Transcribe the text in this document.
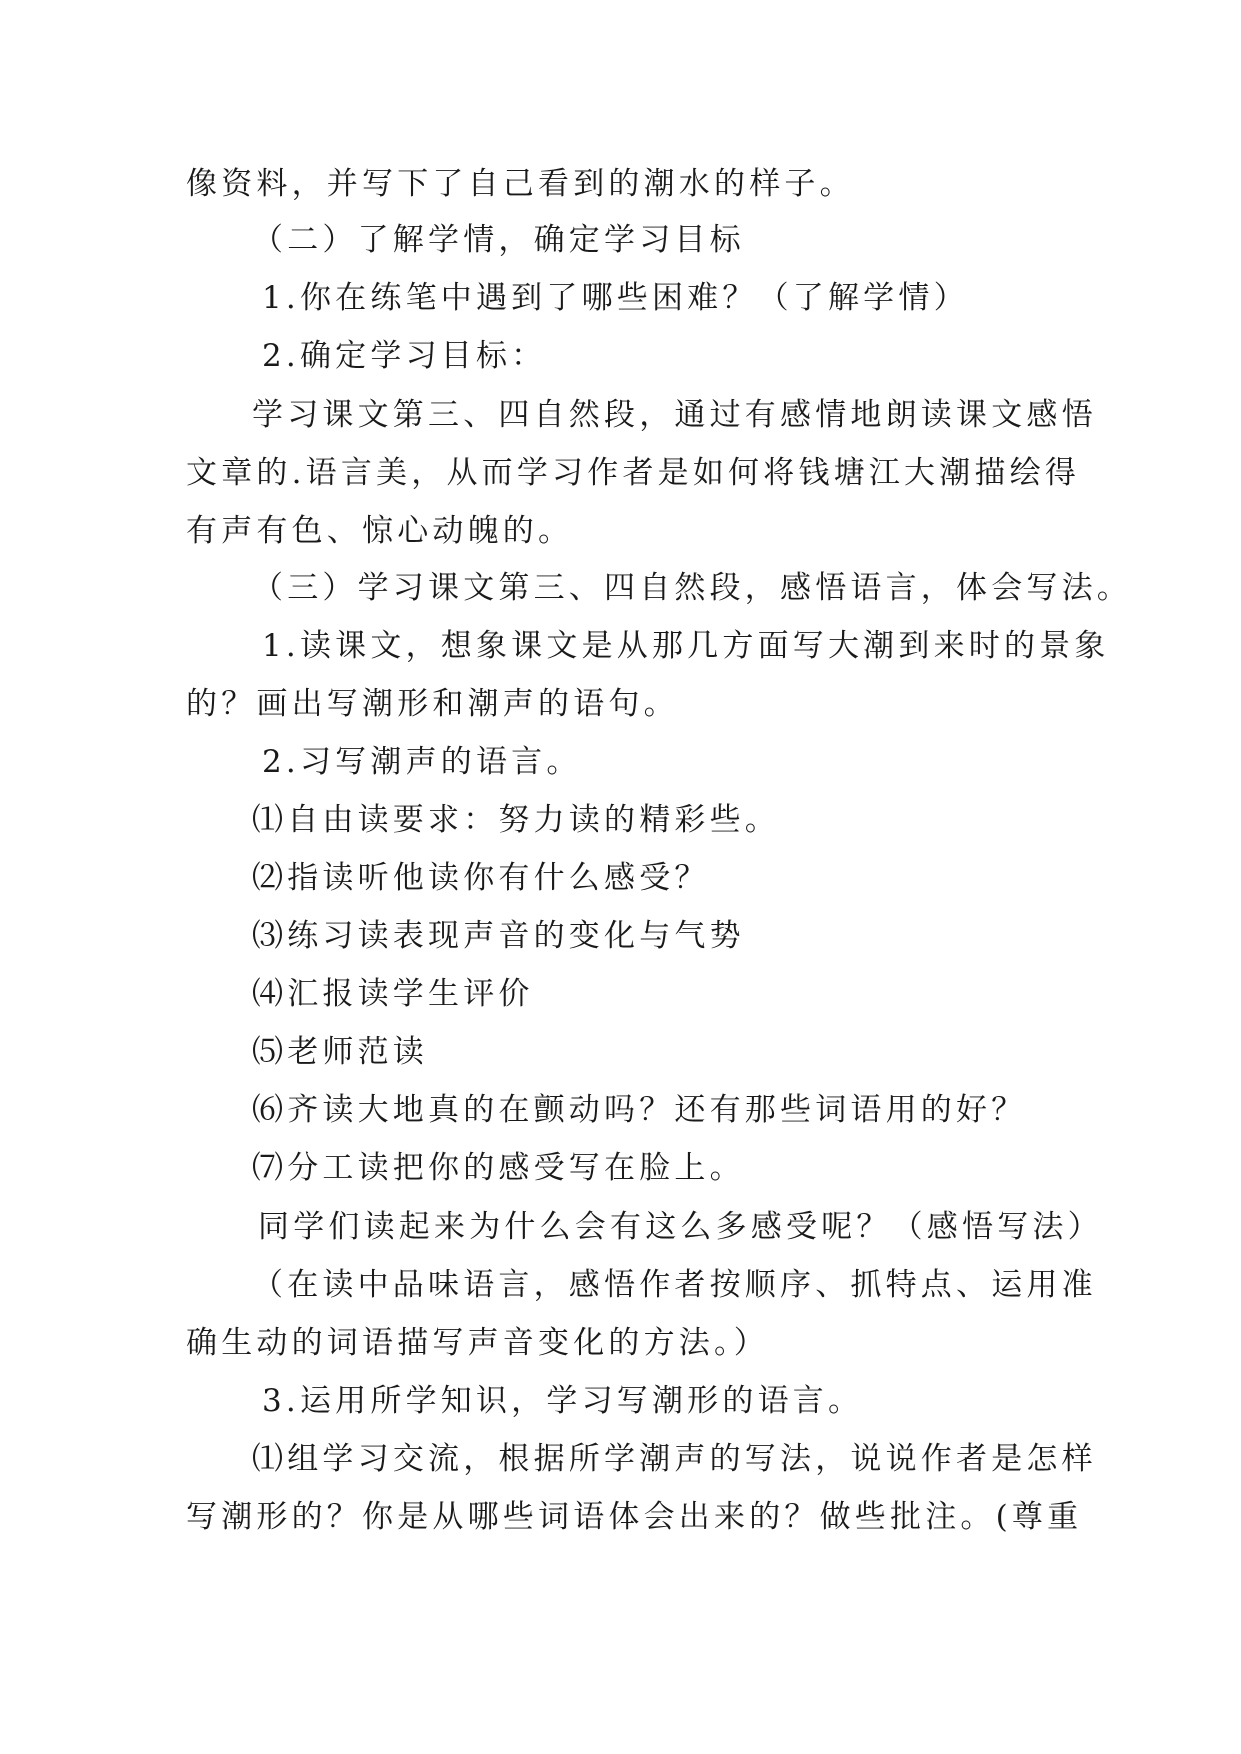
像资料，并写下了自己看到的潮水的样子。
（二）了解学情，确定学习目标
1.你在练笔中遇到了哪些困难？（了解学情）
2.确定学习目标：
学习课文第三、四自然段，通过有感情地朗读课文感悟
文章的.语言美，从而学习作者是如何将钱塘江大潮描绘得
有声有色、惊心动魄的。
（三）学习课文第三、四自然段，感悟语言，体会写法。
1.读课文，想象课文是从那几方面写大潮到来时的景象
的？画出写潮形和潮声的语句。
2.习写潮声的语言。
⑴自由读要求：努力读的精彩些。
⑵指读听他读你有什么感受？
⑶练习读表现声音的变化与气势
⑷汇报读学生评价
⑸老师范读
⑹齐读大地真的在颤动吗？还有那些词语用的好？
⑺分工读把你的感受写在脸上。
同学们读起来为什么会有这么多感受呢？（感悟写法）
（在读中品味语言，感悟作者按顺序、抓特点、运用准
确生动的词语描写声音变化的方法。）
3.运用所学知识，学习写潮形的语言。
⑴组学习交流，根据所学潮声的写法，说说作者是怎样
写潮形的？你是从哪些词语体会出来的？做些批注。(尊重
